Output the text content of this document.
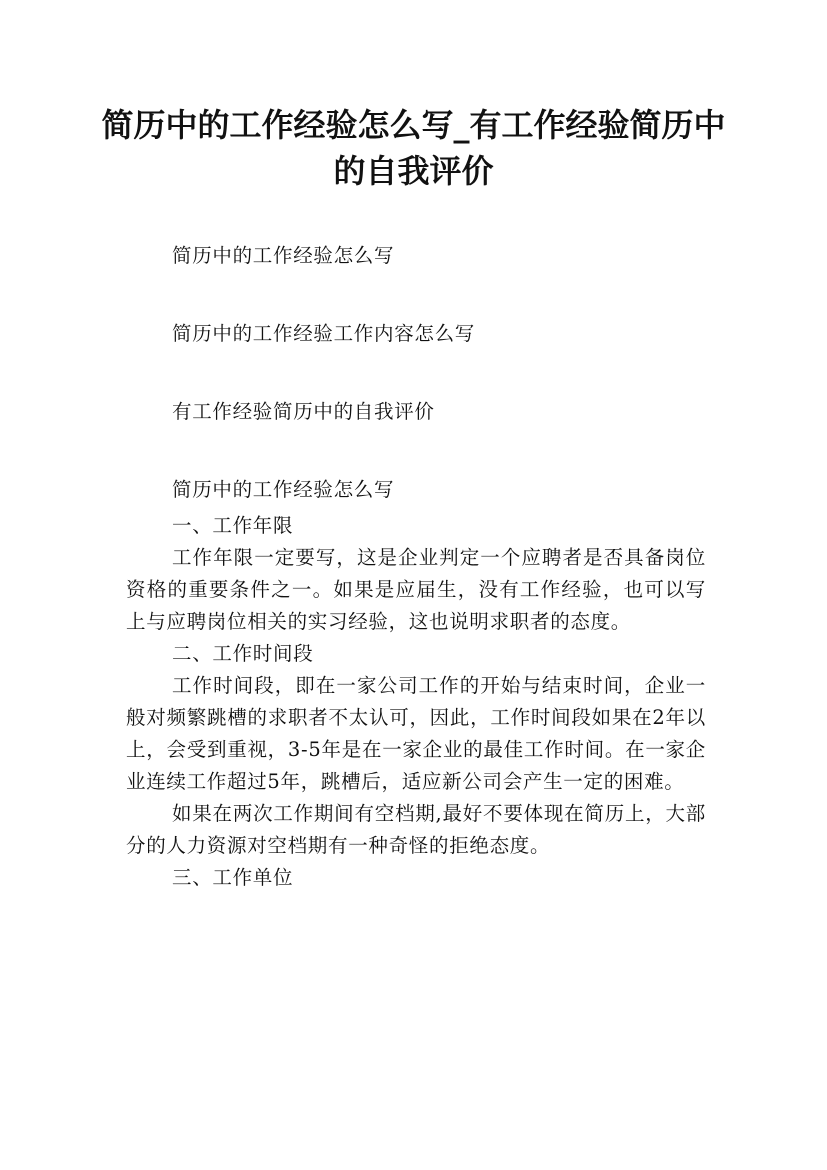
简历中的工作经验怎么写_有工作经验简历中的自我评价

简历中的工作经验怎么写

简历中的工作经验工作内容怎么写

有工作经验简历中的自我评价

简历中的工作经验怎么写

一、工作年限

工作年限一定要写，这是企业判定一个应聘者是否具备岗位资格的重要条件之一。如果是应届生，没有工作经验，也可以写上与应聘岗位相关的实习经验，这也说明求职者的态度。

二、工作时间段

工作时间段，即在一家公司工作的开始与结束时间，企业一般对频繁跳槽的求职者不太认可，因此，工作时间段如果在2年以上，会受到重视，3-5年是在一家企业的最佳工作时间。在一家企业连续工作超过5年，跳槽后，适应新公司会产生一定的困难。

如果在两次工作期间有空档期,最好不要体现在简历上，大部分的人力资源对空档期有一种奇怪的拒绝态度。

三、工作单位
